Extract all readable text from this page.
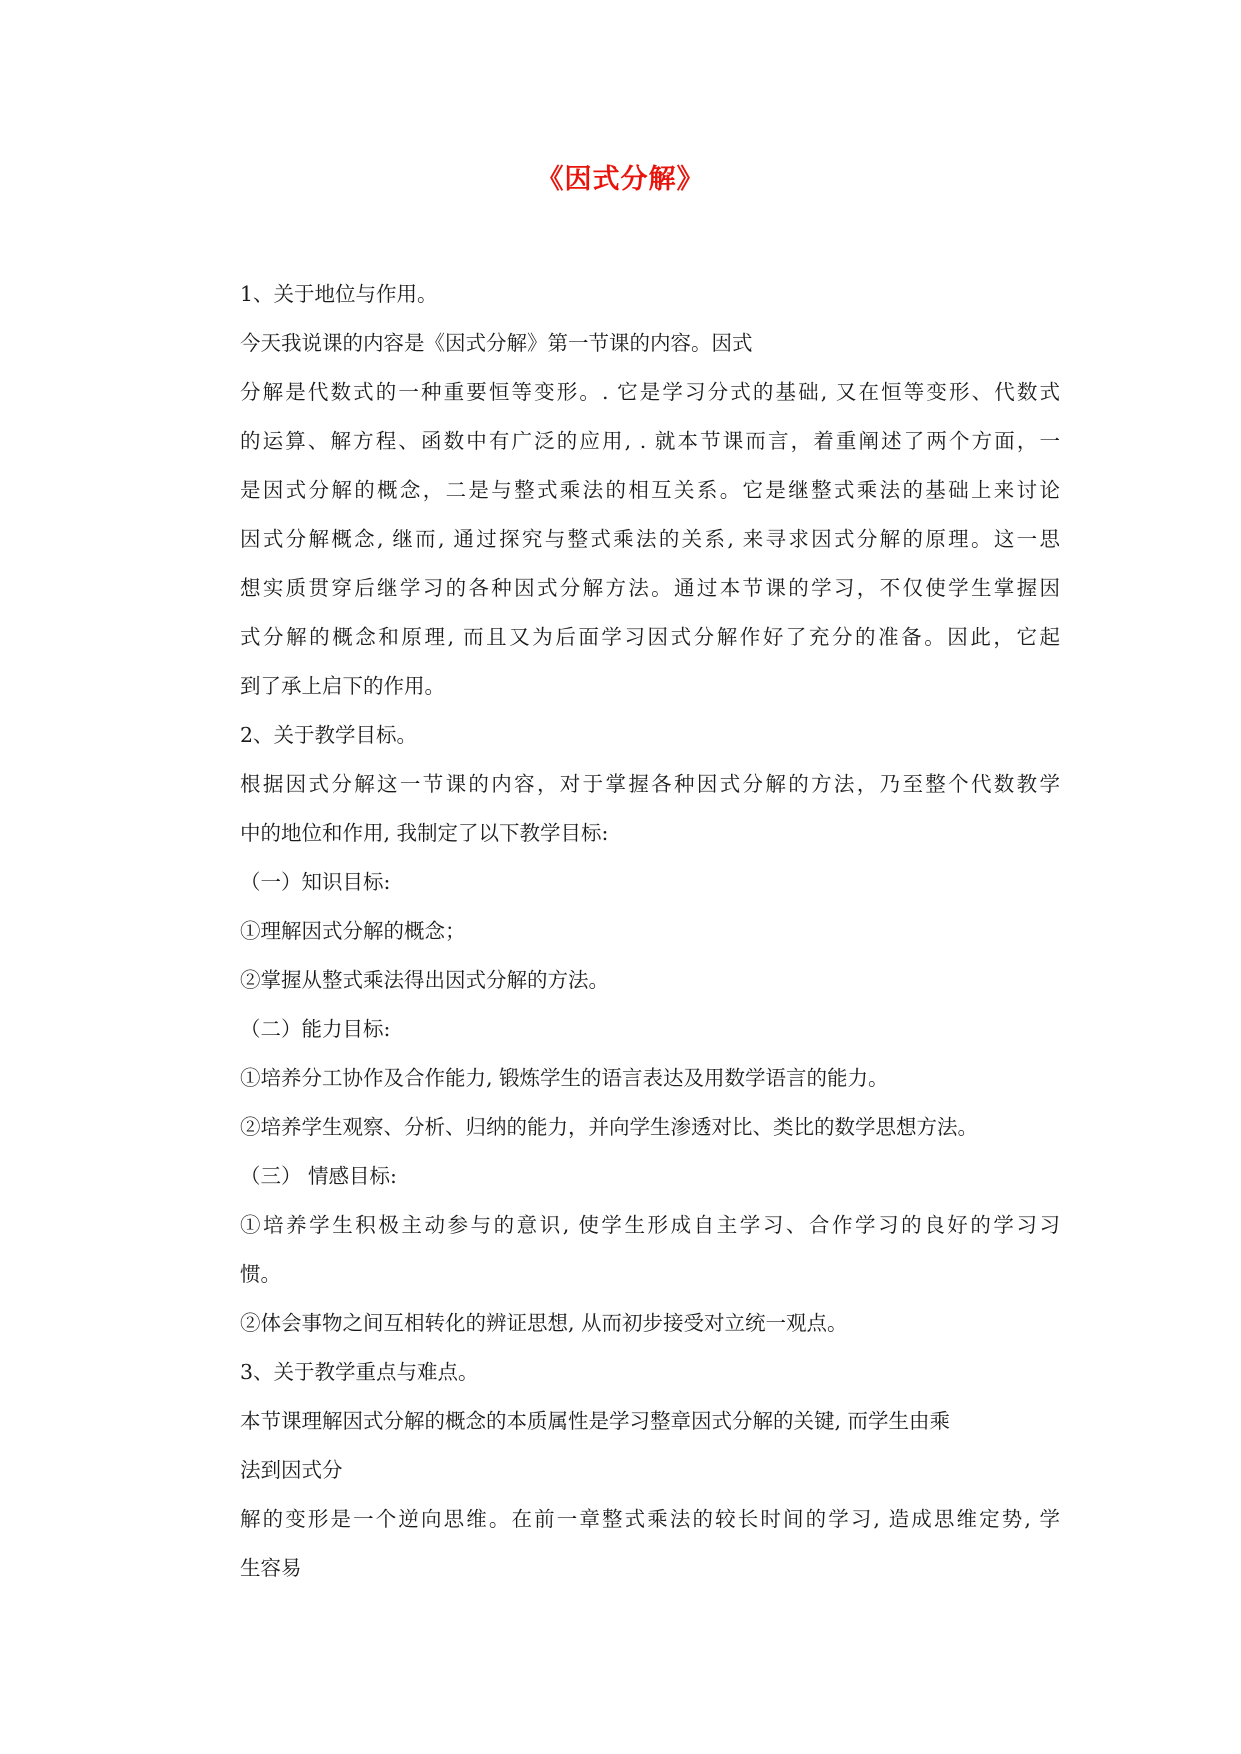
《因式分解》
1、关于地位与作用。
今天我说课的内容是《因式分解》第一节课的内容。因式
分解是代数式的一种重要恒等变形。. 它是学习分式的基础, 又在恒等变形、代数式
的运算、解方程、函数中有广泛的应用, . 就本节课而言，着重阐述了两个方面，一
是因式分解的概念，二是与整式乘法的相互关系。它是继整式乘法的基础上来讨论
因式分解概念, 继而, 通过探究与整式乘法的关系, 来寻求因式分解的原理。这一思
想实质贯穿后继学习的各种因式分解方法。通过本节课的学习，不仅使学生掌握因
式分解的概念和原理, 而且又为后面学习因式分解作好了充分的准备。因此，它起
到了承上启下的作用。
2、关于教学目标。
根据因式分解这一节课的内容，对于掌握各种因式分解的方法，乃至整个代数教学
中的地位和作用, 我制定了以下教学目标:
（一）知识目标:
①理解因式分解的概念；
②掌握从整式乘法得出因式分解的方法。
（二）能力目标:
①培养分工协作及合作能力, 锻炼学生的语言表达及用数学语言的能力。
②培养学生观察、分析、归纳的能力，并向学生渗透对比、类比的数学思想方法。
（三） 情感目标:
①培养学生积极主动参与的意识, 使学生形成自主学习、合作学习的良好的学习习
惯。
②体会事物之间互相转化的辨证思想, 从而初步接受对立统一观点。
3、关于教学重点与难点。
本节课理解因式分解的概念的本质属性是学习整章因式分解的关键, 而学生由乘
法到因式分
解的变形是一个逆向思维。在前一章整式乘法的较长时间的学习, 造成思维定势, 学
生容易
